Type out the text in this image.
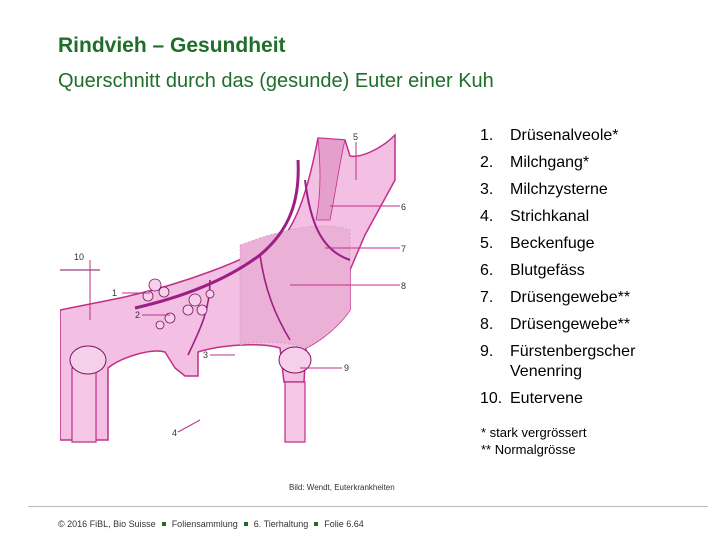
Rindvieh – Gesundheit
Querschnitt durch das (gesunde) Euter einer Kuh
5
6
7
8
10
1
2
3
9
4
1.	Drüsenalveole*
2.	Milchgang*
3.	Milchzysterne
4.	Strichkanal
5.	Beckenfuge
6.	Blutgefäss
7.	Drüsengewebe**
8.	Drüsengewebe**
9.	Fürstenbergscher
Venenring
10. Eutervene
* stark vergrössert
** Normalgrösse
Bild: Wendt, Euterkrankheiten
© 2016 FiBL, Bio Suisse Foliensammlung 6. Tierhaltung Folie 6.64
